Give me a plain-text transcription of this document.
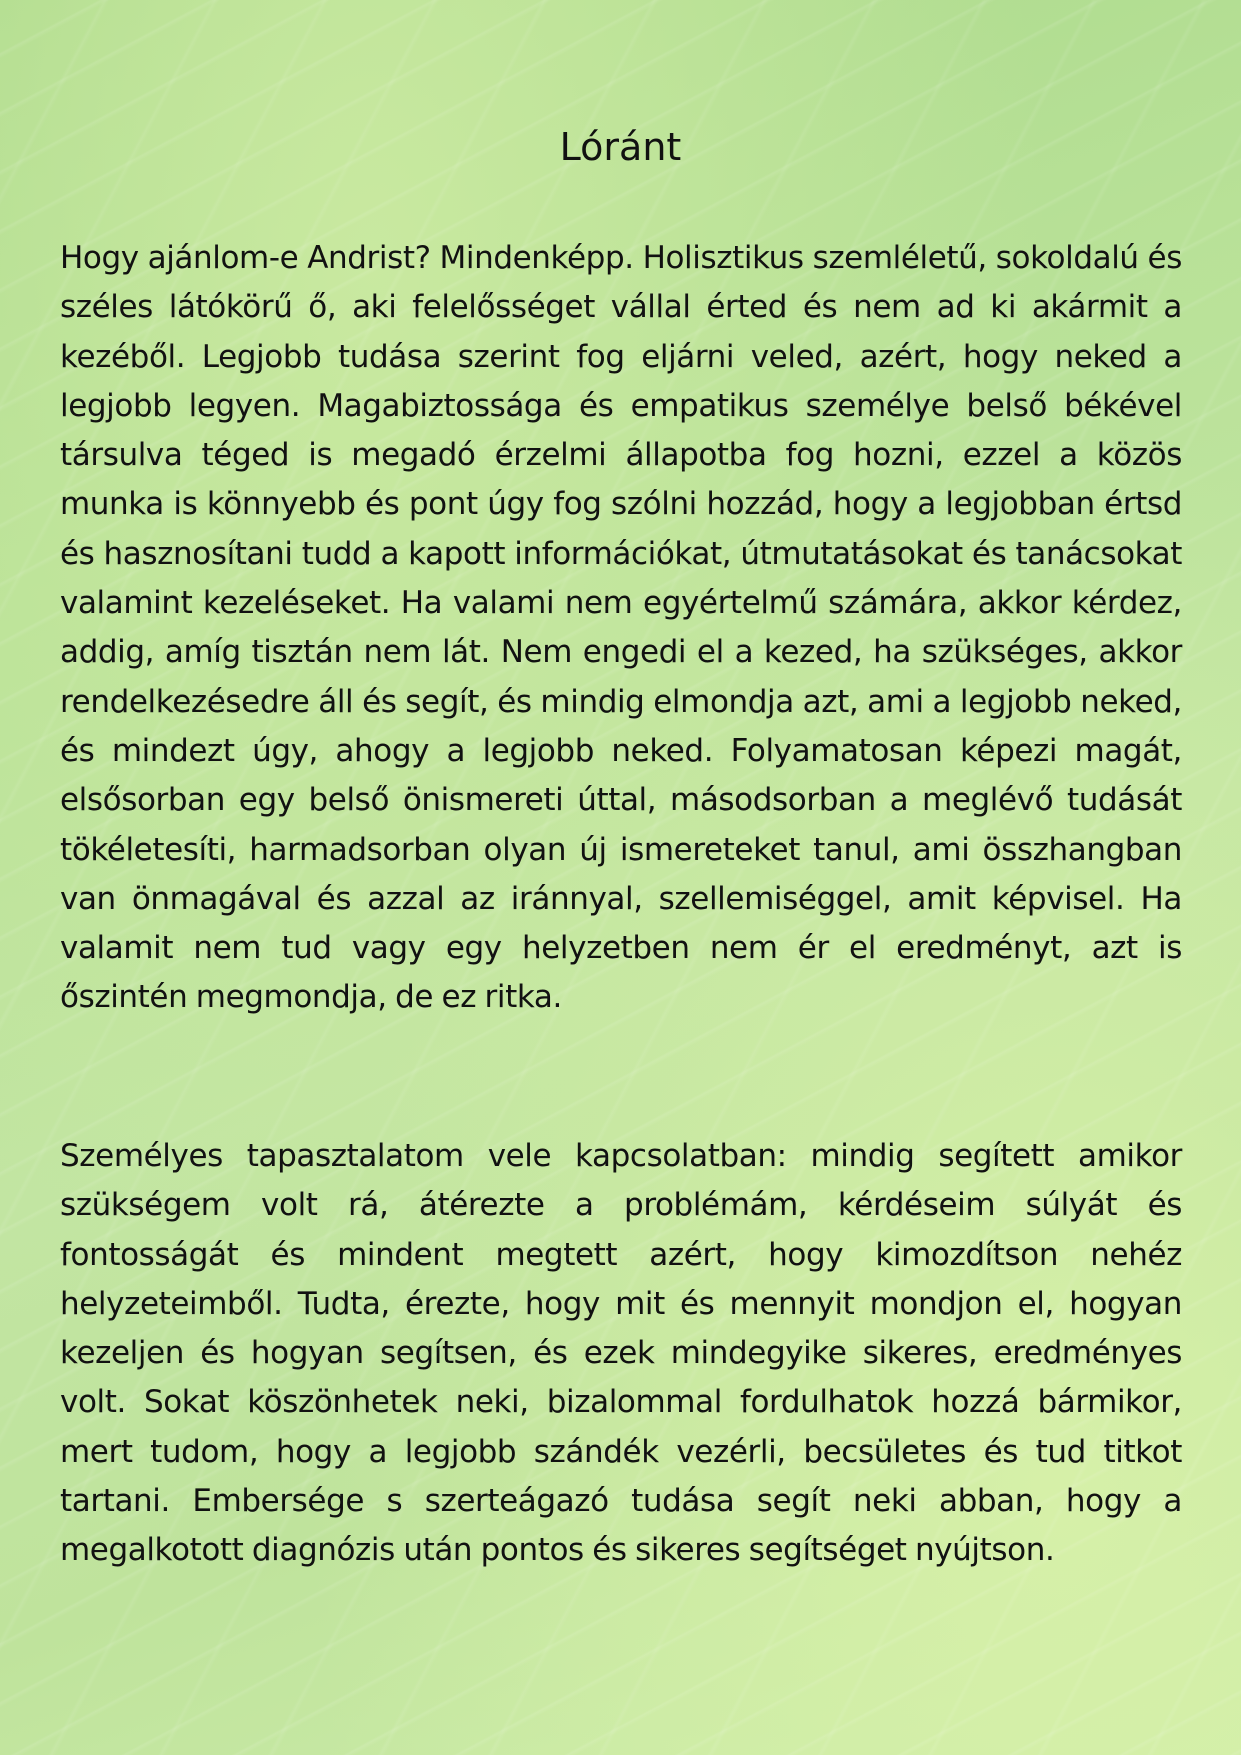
Lóránt

Hogy ajánlom-e Andrist? Mindenképp. Holisztikus szemléletű, sokoldalú és széles látókörű ő, aki felelősséget vállal érted és nem ad ki akármit a kezéből. Legjobb tudása szerint fog eljárni veled, azért, hogy neked a legjobb legyen. Magabiztossága és empatikus személye belső békével társulva téged is megadó érzelmi állapotba fog hozni, ezzel a közös munka is könnyebb és pont úgy fog szólni hozzád, hogy a legjobban értsd és hasznosítani tudd a kapott információkat, útmutatásokat és tanácsokat valamint kezeléseket. Ha valami nem egyértelmű számára, akkor kérdez, addig, amíg tisztán nem lát. Nem engedi el a kezed, ha szükséges, akkor rendelkezésedre áll és segít, és mindig elmondja azt, ami a legjobb neked, és mindezt úgy, ahogy a legjobb neked. Folyamatosan képezi magát, elsősorban egy belső önismereti úttal, másodsorban a meglévő tudását tökéletesíti, harmadsorban olyan új ismereteket tanul, ami összhangban van önmagával és azzal az iránnyal, szellemiséggel, amit képvisel. Ha valamit nem tud vagy egy helyzetben nem ér el eredményt, azt is őszintén megmondja, de ez ritka.

Személyes tapasztalatom vele kapcsolatban: mindig segített amikor szükségem volt rá, átérezte a problémám, kérdéseim súlyát és fontosságát és mindent megtett azért, hogy kimozdítson nehéz helyzeteimből. Tudta, érezte, hogy mit és mennyit mondjon el, hogyan kezeljen és hogyan segítsen, és ezek mindegyike sikeres, eredményes volt. Sokat köszönhetek neki, bizalommal fordulhatok hozzá bármikor, mert tudom, hogy a legjobb szándék vezérli, becsületes és tud titkot tartani. Embersége s szerteágazó tudása segít neki abban, hogy a megalkotott diagnózis után pontos és sikeres segítséget nyújtson.
